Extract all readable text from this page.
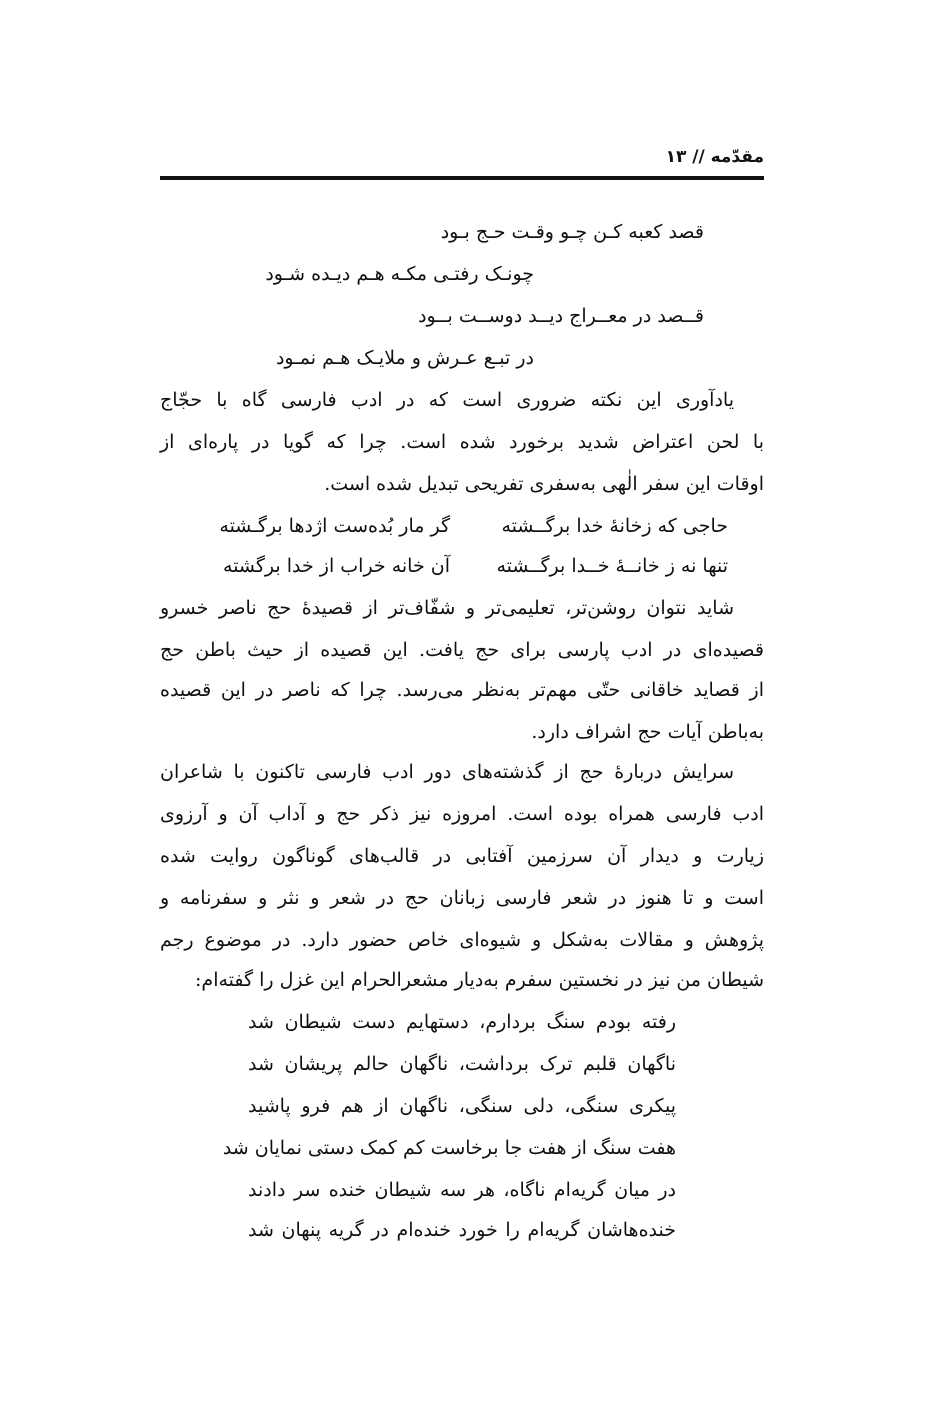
مقدّمه // ۱۳
قصد کعبه کـن چـو وقـت حـج بـود
چونـک رفتـی مکـه هـم دیـده شـود
قــصد در معــراج دیــد دوســت بــود
در تبـع عـرش و ملایـک هـم نمـود
یادآوری این نکته ضروری است که در ادب فارسی گاه با حجّاج
با لحن اعتراض شدید برخورد شده است. چرا که گویا در پاره‌ای از
اوقات این سفر الٰهی به‌سفری تفریحی تبدیل شده است.
حاجی که زخانهٔ خدا برگــشته
گر مار بُده‌ست اژدها برگـشته
تنها نه ز خانــهٔ خــدا برگــشته
آن خانه خراب از خدا برگشته
شاید نتوان روشن‌تر، تعلیمی‌تر و شفّاف‌تر از قصیدهٔ حج ناصر خسرو
قصیده‌ای در ادب پارسی برای حج یافت. این قصیده از حیث باطن حج
از قصاید خاقانی حتّی مهم‌تر به‌نظر می‌رسد. چرا که ناصر در این قصیده
به‌باطن آیات حج اشراف دارد.
سرایش دربارهٔ حج از گذشته‌های دور ادب فارسی تاکنون با شاعران
ادب فارسی همراه بوده است. امروزه نیز ذکر حج و آداب آن و آرزوی
زیارت و دیدار آن سرزمین آفتابی در قالب‌های گوناگون روایت شده
است و تا هنوز در شعر فارسی زبانان حج در شعر و نثر و سفرنامه و
پژوهش و مقالات به‌شکل و شیوه‌ای خاص حضور دارد. در موضوع رجم
شیطان من نیز در نخستین سفرم به‌دیار مشعرالحرام این غزل را گفته‌ام:
رفته بودم سنگ بردارم، دستهایم دست شیطان شد
ناگهان قلبم ترک برداشت، ناگهان حالم پریشان شد
پیکری سنگی، دلی سنگی، ناگهان از هم فرو پاشید
هفت سنگ از هفت جا برخاست کم کمک دستی نمایان شد
در میان گریه‌ام ناگاه، هر سه شیطان خنده سر دادند
خنده‌هاشان گریه‌ام را خورد خنده‌ام در گریه پنهان شد
